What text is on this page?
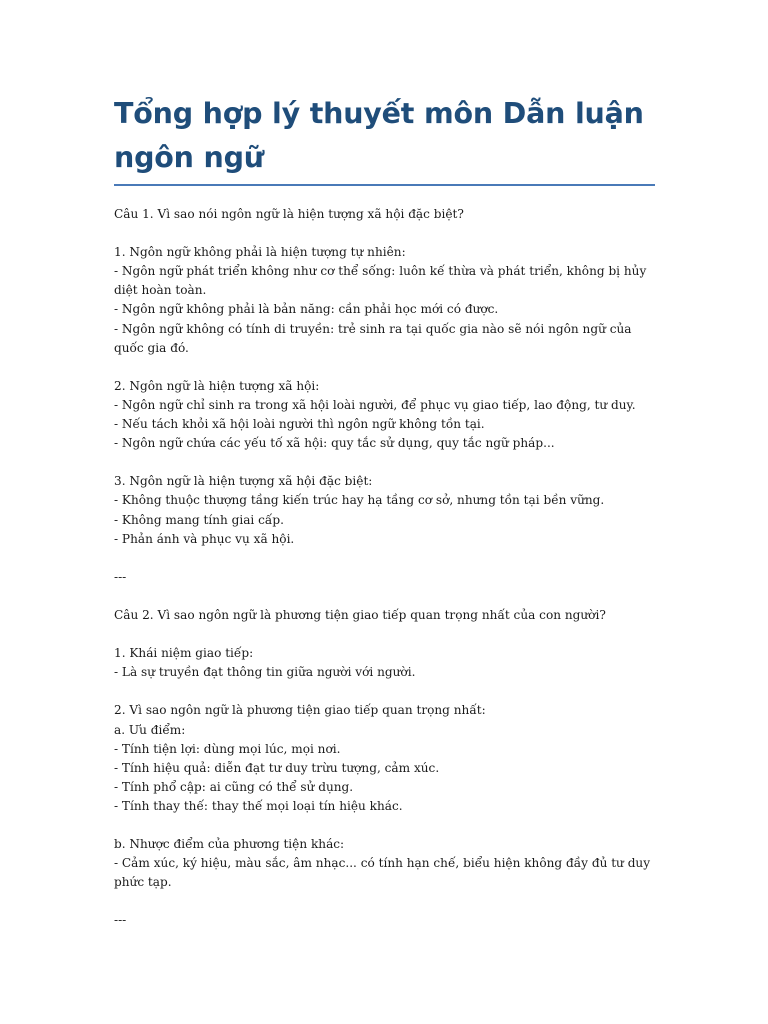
Tổng hợp lý thuyết môn Dẫn luận ngôn ngữ

Câu 1. Vì sao nói ngôn ngữ là hiện tượng xã hội đặc biệt?

1. Ngôn ngữ không phải là hiện tượng tự nhiên:

- Ngôn ngữ phát triển không như cơ thể sống: luôn kế thừa và phát triển, không bị hủy diệt hoàn toàn.

- Ngôn ngữ không phải là bản năng: cần phải học mới có được.

- Ngôn ngữ không có tính di truyền: trẻ sinh ra tại quốc gia nào sẽ nói ngôn ngữ của quốc gia đó.

2. Ngôn ngữ là hiện tượng xã hội:

- Ngôn ngữ chỉ sinh ra trong xã hội loài người, để phục vụ giao tiếp, lao động, tư duy.

- Nếu tách khỏi xã hội loài người thì ngôn ngữ không tồn tại.

- Ngôn ngữ chứa các yếu tố xã hội: quy tắc sử dụng, quy tắc ngữ pháp...

3. Ngôn ngữ là hiện tượng xã hội đặc biệt:

- Không thuộc thượng tầng kiến trúc hay hạ tầng cơ sở, nhưng tồn tại bền vững.

- Không mang tính giai cấp.

- Phản ánh và phục vụ xã hội.

---

Câu 2. Vì sao ngôn ngữ là phương tiện giao tiếp quan trọng nhất của con người?

1. Khái niệm giao tiếp:

- Là sự truyền đạt thông tin giữa người với người.

2. Vì sao ngôn ngữ là phương tiện giao tiếp quan trọng nhất:

a. Ưu điểm:

- Tính tiện lợi: dùng mọi lúc, mọi nơi.

- Tính hiệu quả: diễn đạt tư duy trừu tượng, cảm xúc.

- Tính phổ cập: ai cũng có thể sử dụng.

- Tính thay thế: thay thế mọi loại tín hiệu khác.

b. Nhược điểm của phương tiện khác:

- Cảm xúc, ký hiệu, màu sắc, âm nhạc... có tính hạn chế, biểu hiện không đầy đủ tư duy phức tạp.

---
